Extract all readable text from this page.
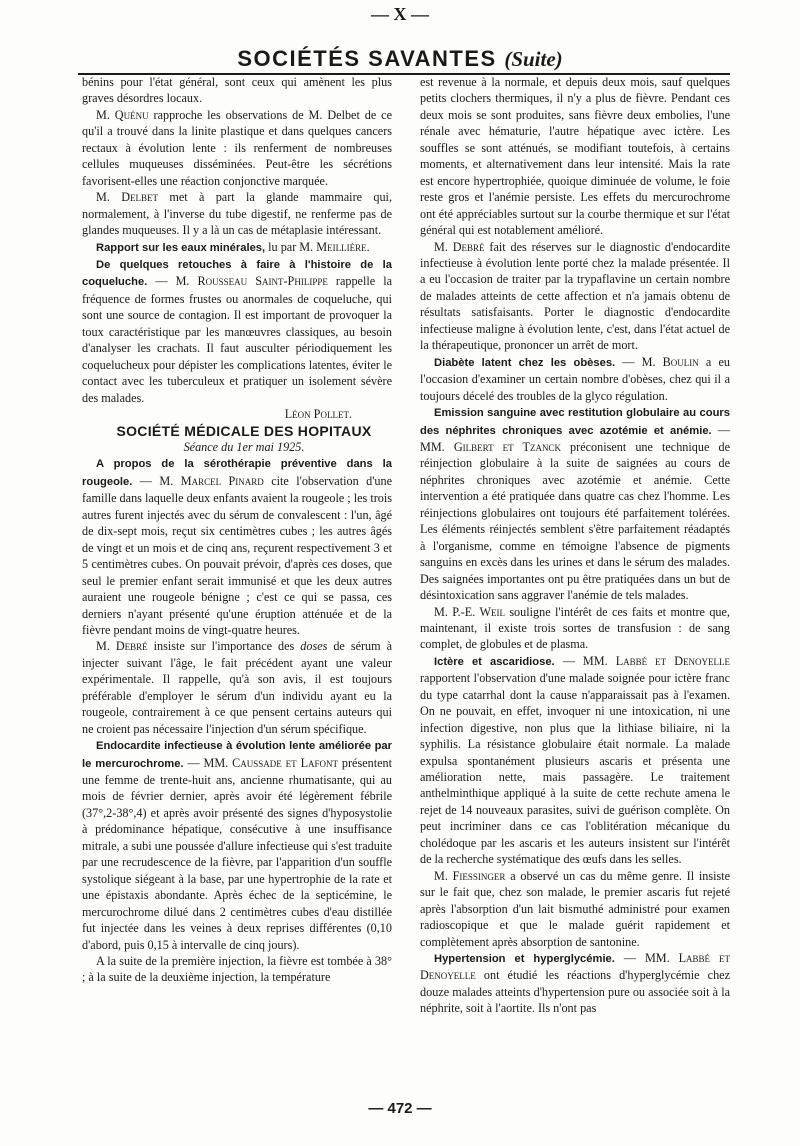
— X —
SOCIÉTÉS SAVANTES (Suite)

bénins pour l'état général, sont ceux qui amènent les plus graves désordres locaux.

M. Quénu rapproche les observations de M. Delbet de ce qu'il a trouvé dans la linite plastique et dans quelques cancers rectaux à évolution lente : ils renferment de nombreuses cellules muqueuses disséminées. Peut-être les sécrétions favorisent-elles une réaction conjonctive marquée.

M. Delbet met à part la glande mammaire qui, normalement, à l'inverse du tube digestif, ne renferme pas de glandes muqueuses. Il y a là un cas de métaplasie intéressant.

Rapport sur les eaux minérales, lu par M. Meillière.

De quelques retouches à faire à l'histoire de la coqueluche. — M. Rousseau Saint-Philippe rappelle la fréquence de formes frustes ou anormales de coqueluche, qui sont une source de contagion. Il est important de provoquer la toux caractéristique par les manœuvres classiques, au besoin d'analyser les crachats. Il faut ausculter périodiquement les coquelucheux pour dépister les complications latentes, éviter le contact avec les tuberculeux et pratiquer un isolement sévère des malades.

Léon Pollet.

SOCIÉTÉ MÉDICALE DES HOPITAUX

Séance du 1er mai 1925.

A propos de la sérothérapie préventive dans la rougeole. — M. Marcel Pinard cite l'observation d'une famille dans laquelle deux enfants avaient la rougeole ; les trois autres furent injectés avec du sérum de convalescent : l'un, âgé de dix-sept mois, reçut six centimètres cubes ; les autres âgés de vingt et un mois et de cinq ans, reçurent respectivement 3 et 5 centimètres cubes. On pouvait prévoir, d'après ces doses, que seul le premier enfant serait immunisé et que les deux autres auraient une rougeole bénigne ; c'est ce qui se passa, ces derniers n'ayant présenté qu'une éruption atténuée et de la fièvre pendant moins de vingt-quatre heures.

M. Debré insiste sur l'importance des doses de sérum à injecter suivant l'âge, le fait précédent ayant une valeur expérimentale. Il rappelle, qu'à son avis, il est toujours préférable d'employer le sérum d'un individu ayant eu la rougeole, contrairement à ce que pensent certains auteurs qui ne croient pas nécessaire l'injection d'un sérum spécifique.

Endocardite infectieuse à évolution lente améliorée par le mercurochrome. — MM. Caussade et Lafont présentent une femme de trente-huit ans, ancienne rhumatisante, qui au mois de février dernier, après avoir été légèrement fébrile (37°,2-38°,4) et après avoir présenté des signes d'hyposystolie à prédominance hépatique, consécutive à une insuffisance mitrale, a subi une poussée d'allure infectieuse qui s'est traduite par une recrudescence de la fièvre, par l'apparition d'un souffle systolique siégeant à la base, par une hypertrophie de la rate et une épistaxis abondante. Après échec de la septicémine, le mercurochrome dilué dans 2 centimètres cubes d'eau distillée fut injectée dans les veines à deux reprises différentes (0,10 d'abord, puis 0,15 à intervalle de cinq jours).

A la suite de la première injection, la fièvre est tombée à 38° ; à la suite de la deuxième injection, la température

est revenue à la normale, et depuis deux mois, sauf quelques petits clochers thermiques, il n'y a plus de fièvre. Pendant ces deux mois se sont produites, sans fièvre deux embolies, l'une rénale avec hématurie, l'autre hépatique avec ictère. Les souffles se sont atténués, se modifiant toutefois, à certains moments, et alternativement dans leur intensité. Mais la rate est encore hypertrophiée, quoique diminuée de volume, le foie reste gros et l'anémie persiste. Les effets du mercurochrome ont été appréciables surtout sur la courbe thermique et sur l'état général qui est notablement amélioré.

M. Debré fait des réserves sur le diagnostic d'endocardite infectieuse à évolution lente porté chez la malade présentée. Il a eu l'occasion de traiter par la trypaflavine un certain nombre de malades atteints de cette affection et n'a jamais obtenu de résultats satisfaisants. Porter le diagnostic d'endocardite infectieuse maligne à évolution lente, c'est, dans l'état actuel de la thérapeutique, prononcer un arrêt de mort.

Diabète latent chez les obèses. — M. Boulin a eu l'occasion d'examiner un certain nombre d'obèses, chez qui il a toujours décelé des troubles de la glyco régulation.

Emission sanguine avec restitution globulaire au cours des néphrites chroniques avec azotémie et anémie. — MM. Gilbert et Tzanck préconisent une technique de réinjection globulaire à la suite de saignées au cours de néphrites chroniques avec azotémie et anémie. Cette intervention a été pratiquée dans quatre cas chez l'homme. Les réinjections globulaires ont toujours été parfaitement tolérées. Les éléments réinjectés semblent s'être parfaitement réadaptés à l'organisme, comme en témoigne l'absence de pigments sanguins en excès dans les urines et dans le sérum des malades. Des saignées importantes ont pu être pratiquées dans un but de désintoxication sans aggraver l'anémie de tels malades.

M. P.-E. Weil souligne l'intérêt de ces faits et montre que, maintenant, il existe trois sortes de transfusion : de sang complet, de globules et de plasma.

Ictère et ascaridiose. — MM. Labbé et Denoyelle rapportent l'observation d'une malade soignée pour ictère franc du type catarrhal dont la cause n'apparaissait pas à l'examen. On ne pouvait, en effet, invoquer ni une intoxication, ni une infection digestive, non plus que la lithiase biliaire, ni la syphilis. La résistance globulaire était normale. La malade expulsa spontanément plusieurs ascaris et présenta une amélioration nette, mais passagère. Le traitement anthelminthique appliqué à la suite de cette rechute amena le rejet de 14 nouveaux parasites, suivi de guérison complète. On peut incriminer dans ce cas l'oblitération mécanique du cholédoque par les ascaris et les auteurs insistent sur l'intérêt de la recherche systématique des œufs dans les selles.

M. Fiessinger a observé un cas du même genre. Il insiste sur le fait que, chez son malade, le premier ascaris fut rejeté après l'absorption d'un lait bismuthé administré pour examen radioscopique et que le malade guérit rapidement et complètement après absorption de santonine.

Hypertension et hyperglycémie. — MM. Labbé et Denoyelle ont étudié les réactions d'hyperglycémie chez douze malades atteints d'hypertension pure ou associée soit à la néphrite, soit à l'aortite. Ils n'ont pas

— 472 —
